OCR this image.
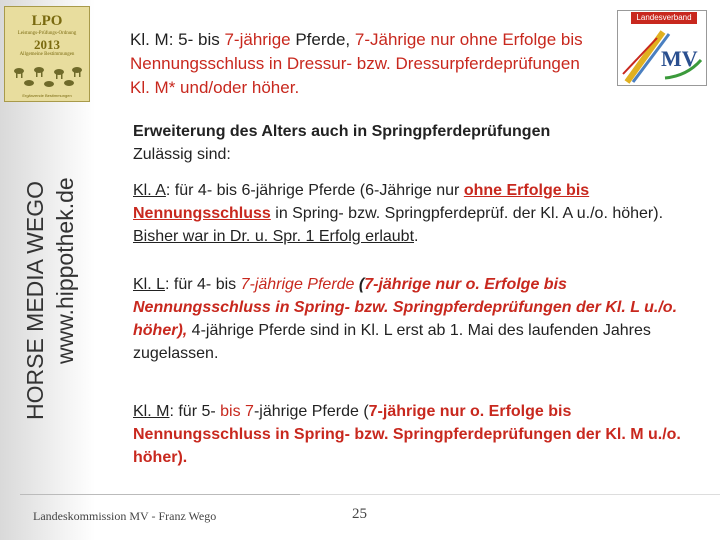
LPO
Leistungs-Prüfungs-Ordnung
2013
Allgemeine Bestimmungen
Ergänzende Bestimmungen
HORSE MEDIA WEGO www.hippothek.de
Kl. M: 5- bis 7-jährige Pferde, 7-Jährige nur ohne Erfolge bis Nennungsschluss in Dressur- bzw. Dressurpferdeprüfungen Kl. M* und/oder höher.
Landesverband
MV
Erweiterung des Alters auch in Springpferdeprüfungen
Zulässig sind:
Kl. A: für 4- bis 6-jährige Pferde (6-Jährige nur ohne Erfolge bis Nennungsschluss in Spring- bzw. Springpferdeprüf. der Kl. A u./o. höher). Bisher war in Dr. u. Spr. 1 Erfolg erlaubt.
Kl. L: für 4- bis 7-jährige Pferde (7-jährige nur o. Erfolge bis Nennungsschluss in Spring- bzw. Springpferdeprüfungen der Kl. L u./o. höher), 4-jährige Pferde sind in Kl. L erst ab 1. Mai des laufenden Jahres zugelassen.
Kl. M: für 5- bis 7-jährige Pferde (7-jährige nur o. Erfolge bis Nennungsschluss in Spring- bzw. Springpferdeprüfungen der Kl. M u./o. höher).
Landeskommission MV - Franz Wego	25
